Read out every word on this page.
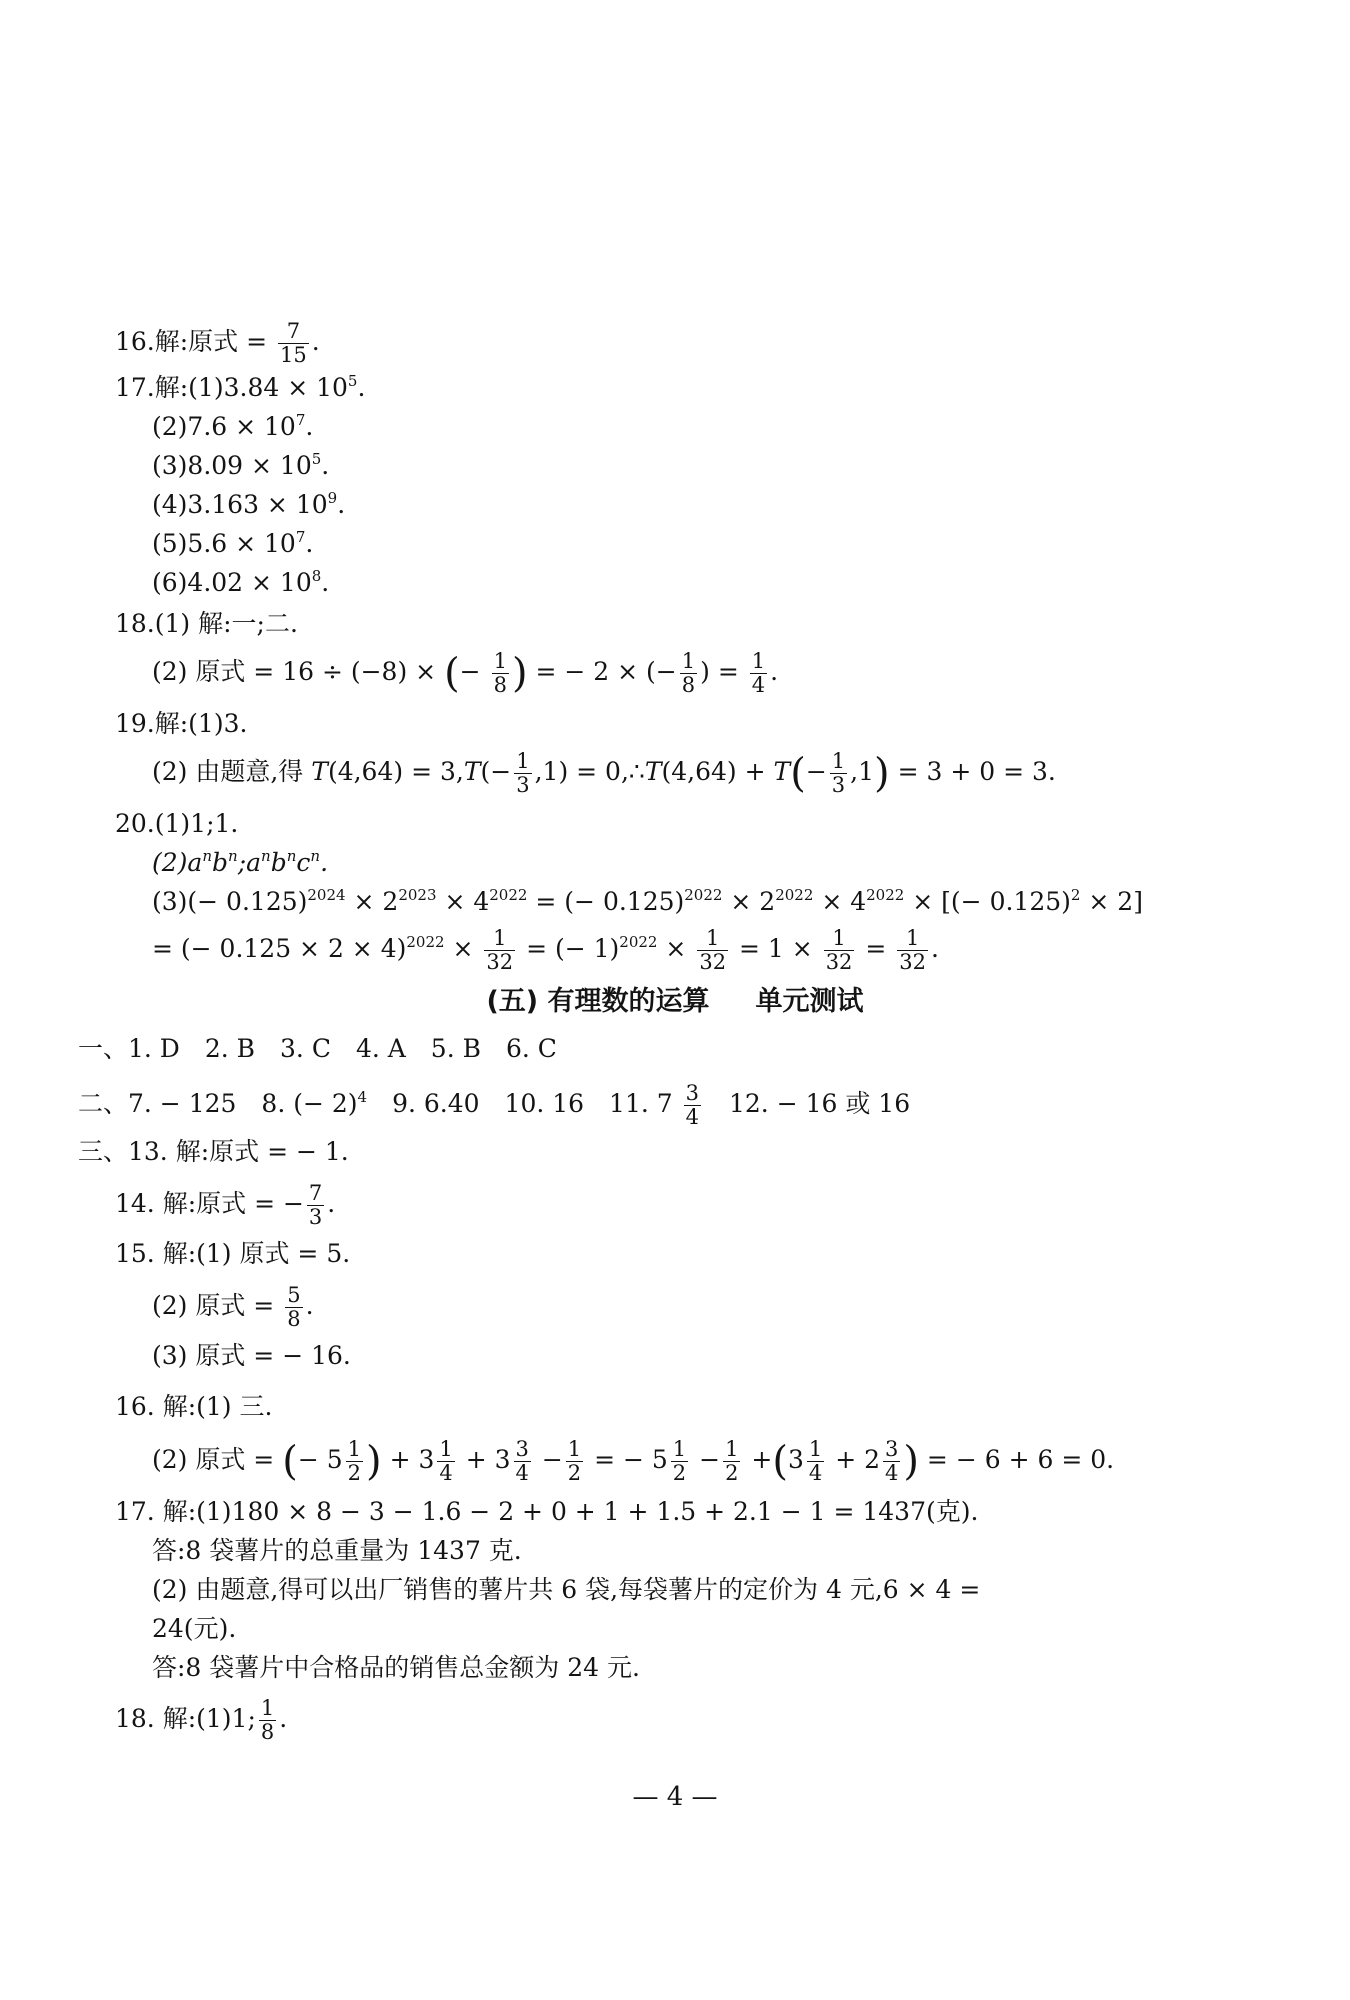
16.解:原式 = $\frac{7}{15}$ .
17.解:(1)3.84 × $10^5$.
$(2)7.6 \times 10^7$.
$(3)8.09 \times 10^5$.
$(4)3.163 \times 10^9$.
$(5)5.6 \times 10^7$.
$(6)4.02 \times 10^8$.
18.(1) 解:一;二.
(2) 原式 = 16 ÷ (−8) × (− $\frac{1}{8}$ ) = − 2 × (− $\frac{1}{8}$ ) = $\frac{1}{4}$ .
19.解:(1)3.
(2) 由题意,得 $T(4,64) = 3,T(- \frac{1}{3} ,1)$ = 0,∴T(4,64) + $T(- \frac{1}{3} ,1) = 3 + 0 = 3$.
20.(1)1;1.
$(2)a^nb^n;a^nb^nc^n$.
$(3)(- 0.125)^{2024} \times 2^{2023} \times 4^{2022}$ = (− $0.125)^{2022} \times 2^{2022} \times 4^{2022}$ × [(− 0.125)$^2$ × 2]
= (− $0.125 \times 2 \times 4)^{2022} \times \frac{1}{32}$ = (− $1)^{2022} \times \frac{1}{32} = 1 \times \frac{1}{32} = \frac{1}{32}$ .
(五) 有理数的运算 单元测试
一、1. D　2. B　3. C　4. A　5. B　6. C
二、7. − 125　8. (− 2)$^4$　9. 6.40　10. 16　11. $7 \frac{3}{4}$ 　12. − 16 或 16
三、13. 解:原式 = − 1.
14. 解:原式 = − $\frac{7}{3}$ .
15. 解:(1) 原式 = 5.
(2) 原式 = $\frac{5}{8}$ .
(3) 原式 = − 16.
16. 解:(1) 三.
(2) 原式 = (− $5 \frac{1}{2}$ ) + $3 \frac{1}{4} + 3 \frac{3}{4} - \frac{1}{2}$ = − $5 \frac{1}{2} - \frac{1}{2} +(3 \frac{1}{4} + 2 \frac{3}{4}$ ) = − 6 + 6 = 0.
17. 解:(1)180 × 8 − 3 − 1.6 − 2 + 0 + 1 + 1.5 + 2.1 − 1 = 1437(克).
答:8 袋薯片的总重量为 1437 克.
(2) 由题意,得可以出厂销售的薯片共 6 袋,每袋薯片的定价为 4 元,6 × 4 =
24(元).
答:8 袋薯片中合格品的销售总金额为 24 元.
18. 解:(1)1; $\frac{1}{8}$ .
— 4 —
